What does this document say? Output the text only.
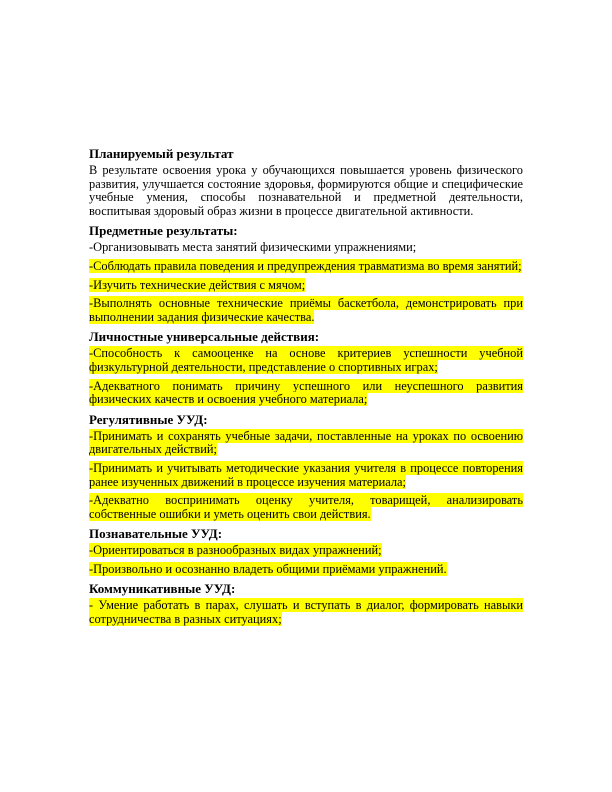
Планируемый результат
В результате освоения урока у обучающихся повышается уровень физического развития, улучшается состояние здоровья, формируются общие и специфические учебные умения, способы познавательной и предметной деятельности, воспитывая здоровый образ жизни в процессе двигательной активности.
Предметные результаты:
-Организовывать места занятий физическими упражнениями;
-Соблюдать правила поведения и предупреждения травматизма во время занятий;
-Изучить технические действия с мячом;
-Выполнять основные технические приёмы баскетбола, демонстрировать при выполнении задания физические качества.
Личностные универсальные действия:
-Способность к самооценке на основе критериев успешности учебной физкультурной деятельности, представление о спортивных играх;
-Адекватного понимать причину успешного или неуспешного развития физических качеств и освоения учебного материала;
Регулятивные УУД:
-Принимать и сохранять учебные задачи, поставленные на уроках по освоению двигательных действий;
-Принимать и учитывать методические указания учителя в процессе повторения ранее изученных движений в процессе изучения материала;
-Адекватно воспринимать оценку учителя, товарищей, анализировать собственные ошибки и уметь оценить свои действия.
Познавательные УУД:
-Ориентироваться в разнообразных видах упражнений;
-Произвольно и осознанно владеть общими приёмами упражнений.
Коммуникативные УУД:
- Умение работать в парах, слушать и вступать в диалог, формировать навыки сотрудничества в разных ситуациях;
